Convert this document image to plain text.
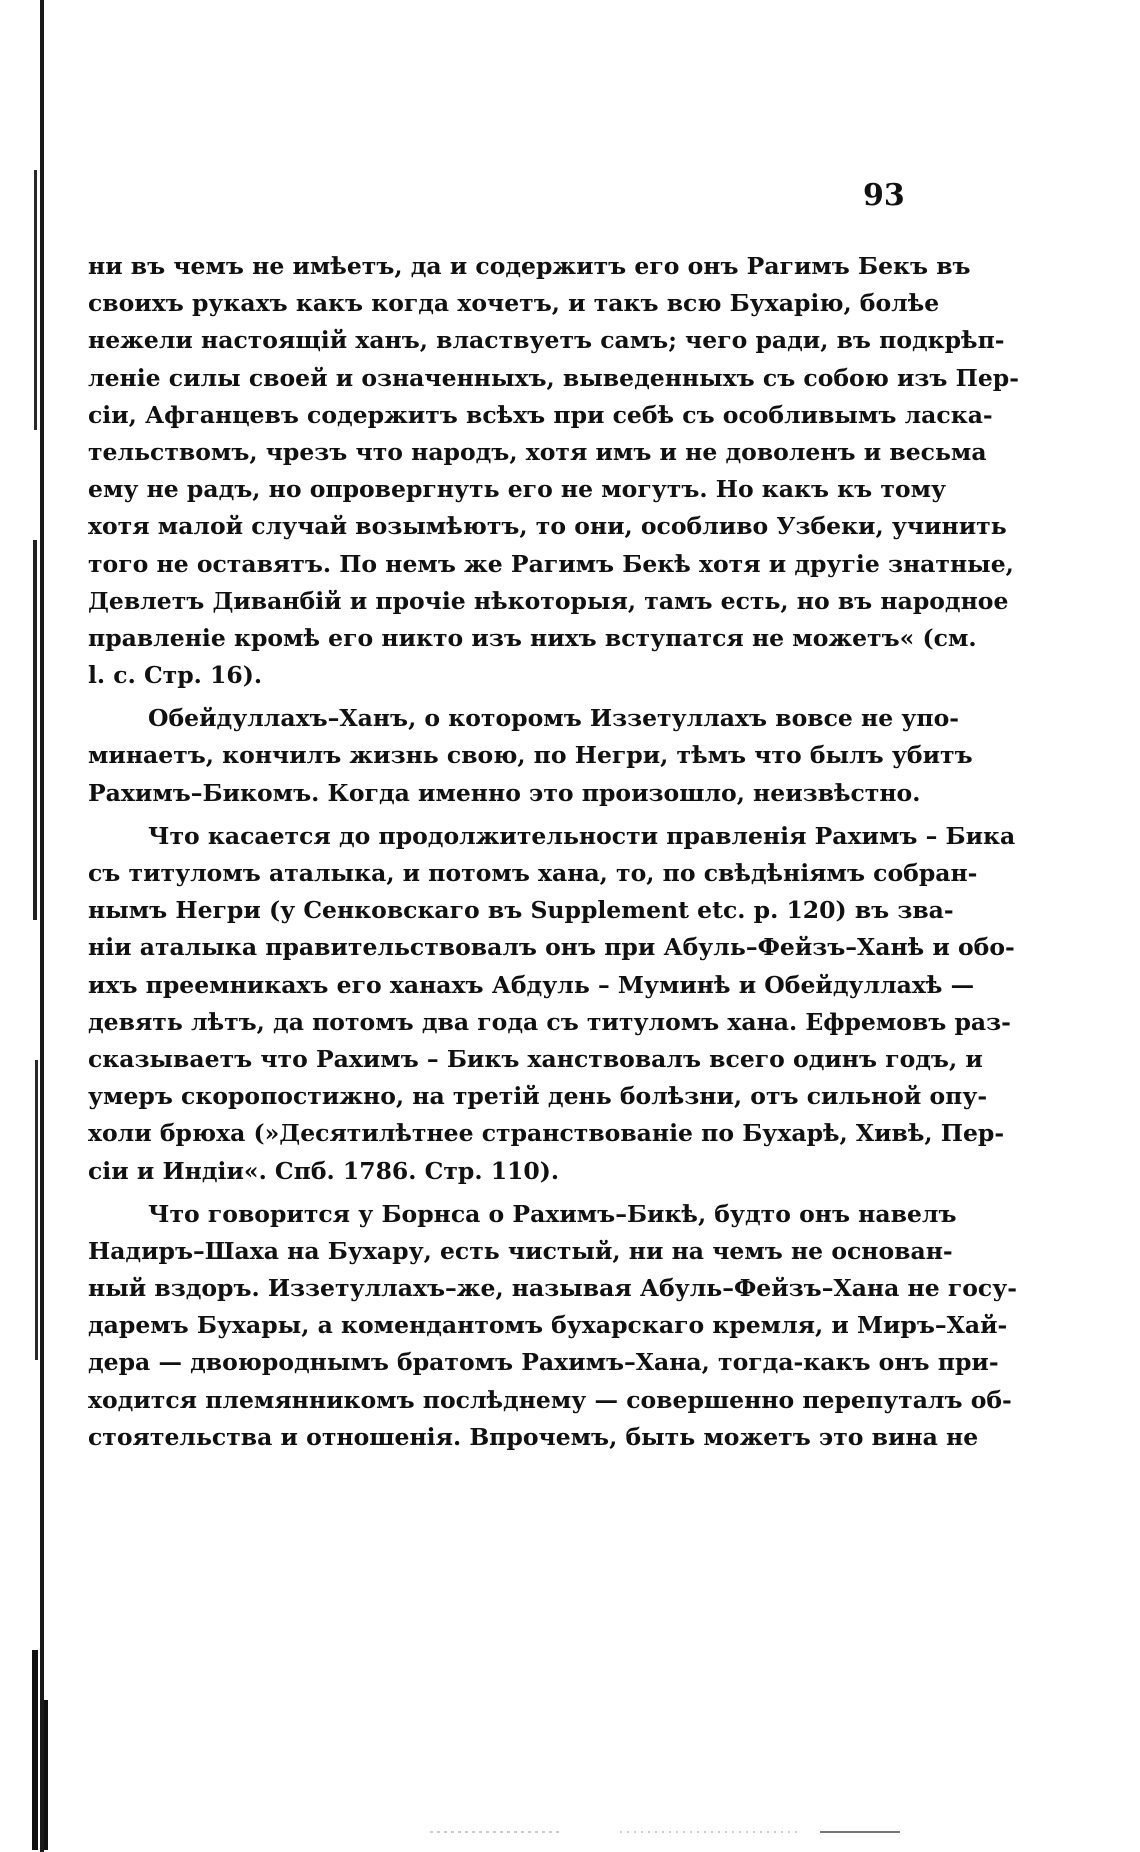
93
ни въ чемъ не имѣетъ, да и содержитъ его онъ Рагимъ Бекъ въ
своихъ рукахъ какъ когда хочетъ, и такъ всю Бухарію, болѣе
нежели настоящій ханъ, властвуетъ самъ; чего ради, въ подкрѣп-
леніе силы своей и означенныхъ, выведенныхъ съ собою изъ Пер-
сіи, Афганцевъ содержитъ всѣхъ при себѣ съ особливымъ ласка-
тельствомъ, чрезъ что народъ, хотя имъ и не доволенъ и весьма
ему не радъ, но опровергнуть его не могутъ. Но какъ къ тому
хотя малой случай возымѣютъ, то они, особливо Узбеки, учинить
того не оставятъ. По немъ же Рагимъ Бекѣ хотя и другіе знатные,
Девлетъ Диванбій и прочіе нѣкоторыя, тамъ есть, но въ народное
правленіе кромѣ его никто изъ нихъ вступатся не можетъ« (см.
l. c. Стр. 16).
Обейдуллахъ–Ханъ, о которомъ Иззетуллахъ вовсе не упо-
минаетъ, кончилъ жизнь свою, по Негри, тѣмъ что былъ убитъ
Рахимъ–Бикомъ. Когда именно это произошло, неизвѣстно.
Что касается до продолжительности правленія Рахимъ – Бика
съ титуломъ аталыка, и потомъ хана, то, по свѣдѣніямъ собран-
нымъ Негри (у Сенковскаго въ Supplement etc. p. 120) въ зва-
ніи аталыка правительствовалъ онъ при Абуль–Фейзъ–Ханѣ и обо-
ихъ преемникахъ его ханахъ Абдуль – Муминѣ и Обейдуллахѣ —
девять лѣтъ, да потомъ два года съ титуломъ хана. Ефремовъ раз-
сказываетъ что Рахимъ – Бикъ ханствовалъ всего одинъ годъ, и
умеръ скоропостижно, на третій день болѣзни, отъ сильной опу-
холи брюха (»Десятилѣтнее странствованіе по Бухарѣ, Хивѣ, Пер-
сіи и Индіи«. Спб. 1786. Стр. 110).
Что говорится у Борнса о Рахимъ–Бикѣ, будто онъ навелъ
Надиръ–Шаха на Бухару, есть чистый, ни на чемъ не основан-
ный вздоръ. Иззетуллахъ–же, называя Абуль–Фейзъ–Хана не госу-
даремъ Бухары, а комендантомъ бухарскаго кремля, и Миръ–Хай-
дера — двоюроднымъ братомъ Рахимъ–Хана, тогда-какъ онъ при-
ходится племянникомъ послѣднему — совершенно перепуталъ об-
стоятельства и отношенія. Впрочемъ, быть можетъ это вина не
